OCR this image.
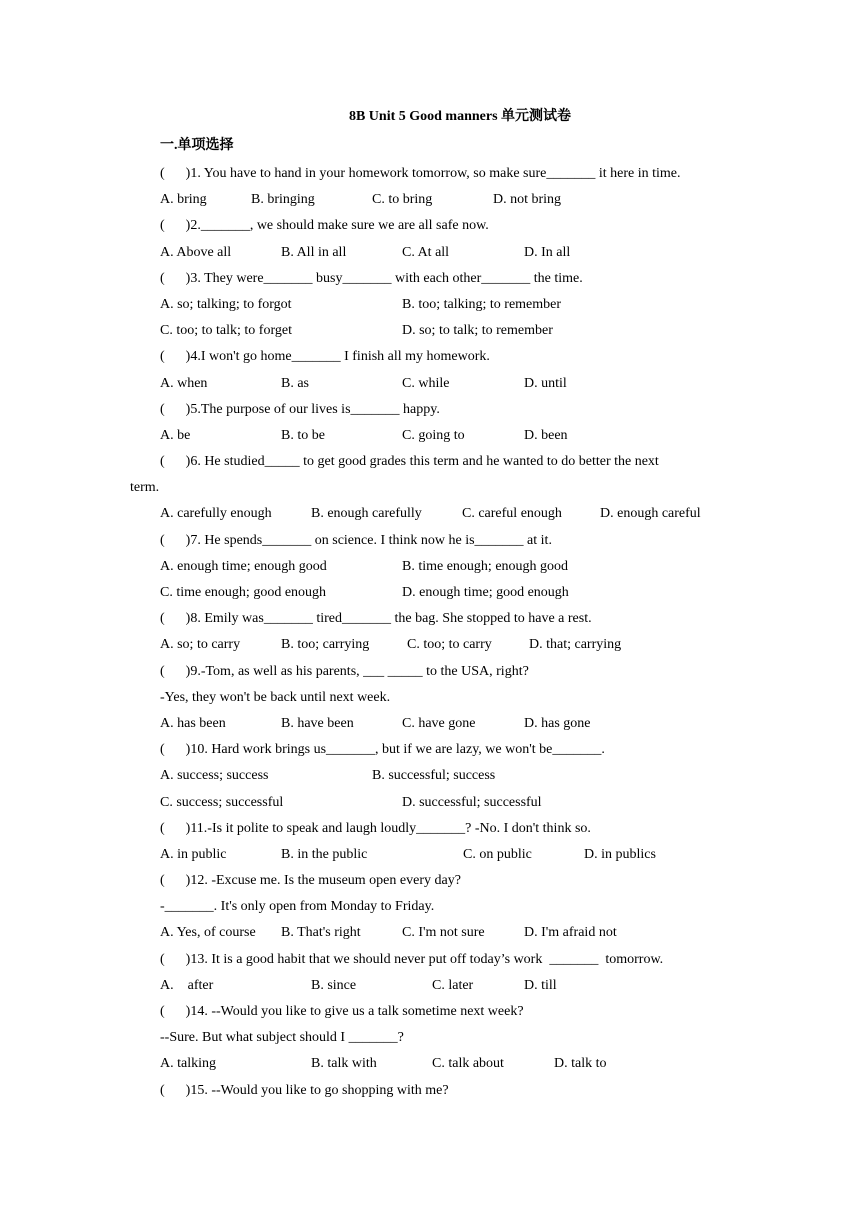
8B Unit 5 Good manners 单元测试卷
一.单项选择
(      )1. You have to hand in your homework tomorrow, so make sure_______ it here in time.
A. bring	B. bringing	C. to bring	D. not bring
(      )2._______, we should make sure we are all safe now.
A. Above all	B. All in all	C. At all	D. In all
(      )3. They were_______ busy_______ with each other_______ the time.
A. so; talking; to forgot	B. too; talking; to remember
C. too; to talk; to forget	D. so; to talk; to remember
(      )4.I won't go home_______ I finish all my homework.
A. when	B. as	C. while	D. until
(      )5.The purpose of our lives is_______ happy.
A. be	B. to be	C. going to	D. been
(      )6. He studied_____ to get good grades this term and he wanted to do better the next
term.
A. carefully enough	B. enough carefully	C. careful enough	D. enough careful
(      )7. He spends_______ on science. I think now he is_______ at it.
A. enough time; enough good	B. time enough; enough good
C. time enough; good enough	D. enough time; good enough
(      )8. Emily was_______ tired_______ the bag. She stopped to have a rest.
A. so; to carry	B. too; carrying	C. too; to carry	D. that; carrying
(      )9.-Tom, as well as his parents, ___ _____ to the USA, right?
-Yes, they won't be back until next week.
A. has been	B. have been	C. have gone	D. has gone
(      )10. Hard work brings us_______, but if we are lazy, we won't be_______.
A. success; success	B. successful; success
C. success; successful	D. successful; successful
(      )11.-Is it polite to speak and laugh loudly_______? -No. I don't think so.
A. in public	B. in the public	C. on public	D. in publics
(      )12. -Excuse me. Is the museum open every day?
-_______. It's only open from Monday to Friday.
A. Yes, of course B. That's right	C. I'm not sure	D. I'm afraid not
(      )13. It is a good habit that we should never put off today’s work  _______  tomorrow.
A.    after	B. since	C. later	D. till
(      )14. --Would you like to give us a talk sometime next week?
--Sure. But what subject should I _______?
A. talking	B. talk with	C. talk about	D. talk to
(      )15. --Would you like to go shopping with me?
